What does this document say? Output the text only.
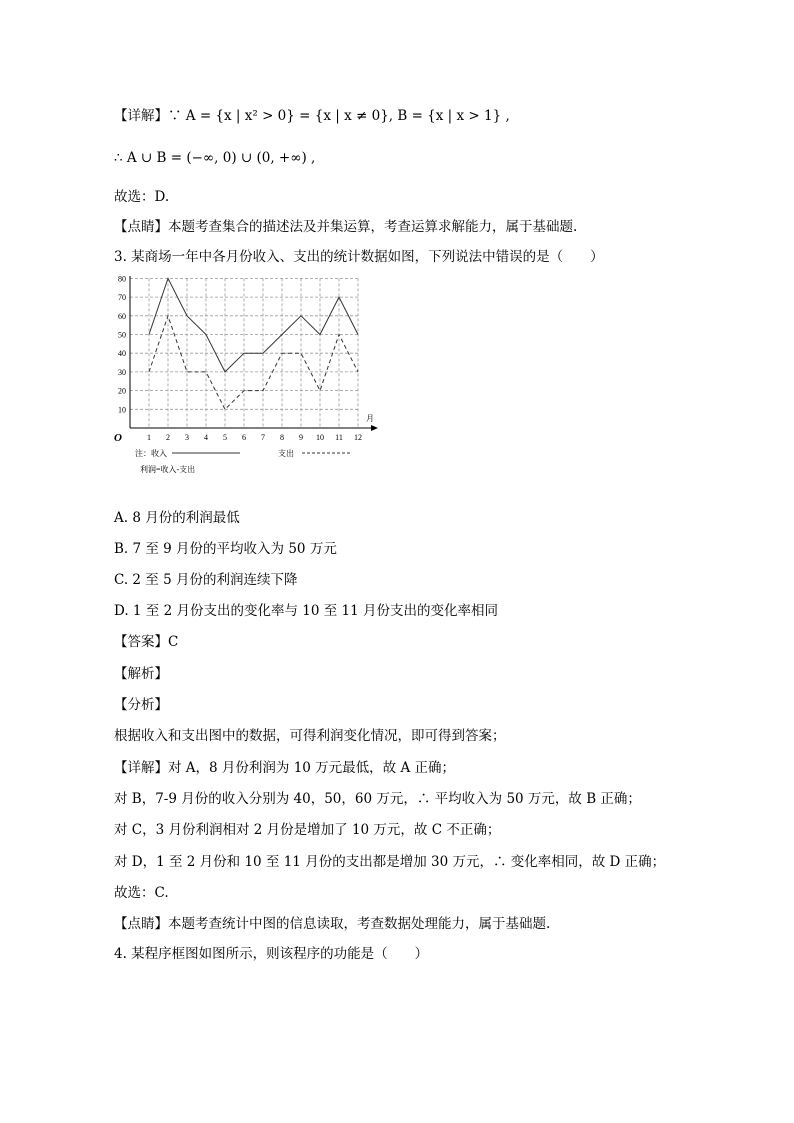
【详解】∵ A = {x | x² > 0} = {x | x ≠ 0}, B = {x | x > 1} ,
∴ A ∪ B = (−∞, 0) ∪ (0, +∞) ,
故选：D.
【点睛】本题考查集合的描述法及并集运算，考查运算求解能力，属于基础题.
3. 某商场一年中各月份收入、支出的统计数据如图，下列说法中错误的是（　　）
10
20
30
40
50
60
70
80
1 2 3 4 5 6 7 8 9 10 11 12
月
O
注：收入	支出
利润=收入-支出
A. 8 月份的利润最低
B. 7 至 9 月份的平均收入为 50 万元
C. 2 至 5 月份的利润连续下降
D. 1 至 2 月份支出的变化率与 10 至 11 月份支出的变化率相同
【答案】C
【解析】
【分析】
根据收入和支出图中的数据，可得利润变化情况，即可得到答案；
【详解】对 A，8 月份利润为 10 万元最低，故 A 正确；
对 B，7-9 月份的收入分别为 40，50，60 万元，∴ 平均收入为 50 万元，故 B 正确；
对 C，3 月份利润相对 2 月份是增加了 10 万元，故 C 不正确；
对 D，1 至 2 月份和 10 至 11 月份的支出都是增加 30 万元，∴ 变化率相同，故 D 正确；
故选：C.
【点睛】本题考查统计中图的信息读取，考查数据处理能力，属于基础题.
4. 某程序框图如图所示，则该程序的功能是（　　）
